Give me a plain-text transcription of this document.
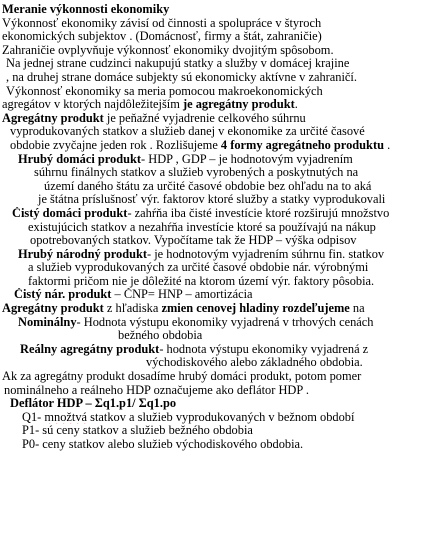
Meranie výkonnosti ekonomiky
Výkonnosť ekonomiky závisí od činnosti a spolupráce v štyroch
ekonomických subjektov . (Domácnosť, firmy a štát, zahraničie)
Zahraničie ovplyvňuje výkonnosť ekonomiky dvojitým spôsobom.
Na jednej strane cudzinci nakupujú statky a služby v domácej krajine
, na druhej strane domáce subjekty sú ekonomicky aktívne v zahraničí.
Výkonnosť ekonomiky sa meria pomocou makroekonomických
agregátov v ktorých najdôležitejším je agregátny produkt.
Agregátny produkt je peňažné vyjadrenie celkového súhrnu
vyprodukovaných statkov a služieb danej v ekonomike za určité časové
obdobie zvyčajne jeden rok . Rozlišujeme 4 formy agregátneho produktu .
Hrubý domáci produkt- HDP , GDP – je hodnotovým vyjadrením
súhrnu finálnych statkov a služieb vyrobených a poskytnutých na
území daného štátu za určité časové obdobie bez ohľadu na to aká
je štátna príslušnosť výr. faktorov ktoré služby a statky vyprodukovali
Čistý domáci produkt- zahŕňa iba čisté investície ktoré rozširujú množstvo
existujúcich statkov a nezahŕňa investície ktoré sa používajú na nákup
opotrebovaných statkov. Vypočítame tak že HDP – výška odpisov
Hrubý národný produkt- je hodnotovým vyjadrením súhrnu fin. statkov
a služieb vyprodukovaných za určité časové obdobie nár. výrobnými
faktormi pričom nie je dôležité na ktorom území výr. faktory pôsobia.
Čistý nár. produkt – ČNP= HNP – amortizácia
Agregátny produkt z hľadiska zmien cenovej hladiny rozdeľujeme na
Nominálny- Hodnota výstupu ekonomiky vyjadrená v trhových cenách
bežného obdobia
Reálny agregátny produkt- hodnota výstupu ekonomiky vyjadrená z
východiskového alebo základného obdobia.
Ak za agregátny produkt dosadíme hrubý domáci produkt, potom pomer
nominálneho a reálneho HDP označujeme ako deflátor HDP .
Deflátor HDP – Σq1.p1/ Σq1.po
Q1- množtvá statkov a služieb vyprodukovaných v bežnom období
P1- sú ceny statkov a služieb bežného obdobia
P0- ceny statkov alebo služieb východiskového obdobia.
